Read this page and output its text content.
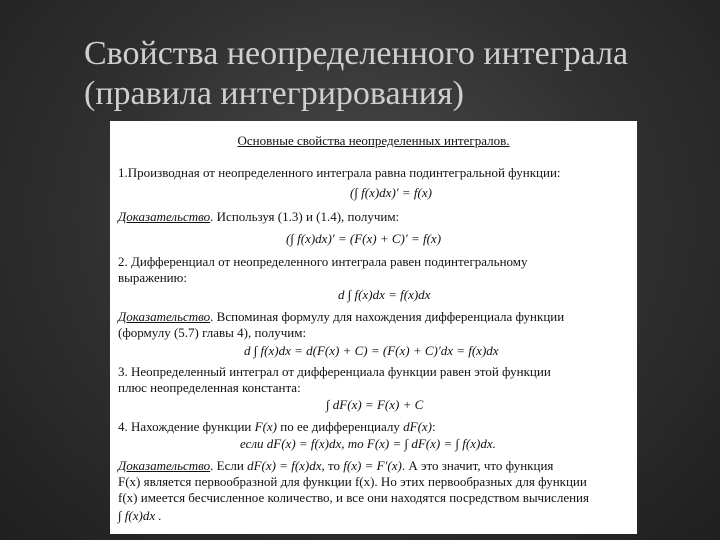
Свойства неопределенного интеграла
(правила интегрирования)
Основные свойства неопределенных интегралов.
1.Производная от неопределенного интеграла равна подинтегральной функции:
(∫ f(x)dx)′ = f(x)
Доказательство. Используя (1.3) и (1.4), получим:
(∫ f(x)dx)′ = (F(x) + C)′ = f(x)
2. Дифференциал от неопределенного интеграла равен подинтегральному
выражению:
d ∫ f(x)dx = f(x)dx
Доказательство. Вспоминая формулу для нахождения дифференциала функции
(формулу (5.7) главы 4), получим:
d ∫ f(x)dx = d(F(x) + C) = (F(x) + C)′dx = f(x)dx
3. Неопределенный интеграл от дифференциала функции равен этой функции
плюс неопределенная константа:
∫ dF(x) = F(x) + C
4. Нахождение функции F(x) по ее дифференциалу dF(x):
если dF(x) = f(x)dx, то F(x) = ∫ dF(x) = ∫ f(x)dx.
Доказательство. Если dF(x) = f(x)dx, то f(x) = F′(x). А это значит, что функция
F(x) является первообразной для функции f(x). Но этих первообразных для функции
f(x) имеется бесчисленное количество, и все они находятся посредством вычисления
∫ f(x)dx .
